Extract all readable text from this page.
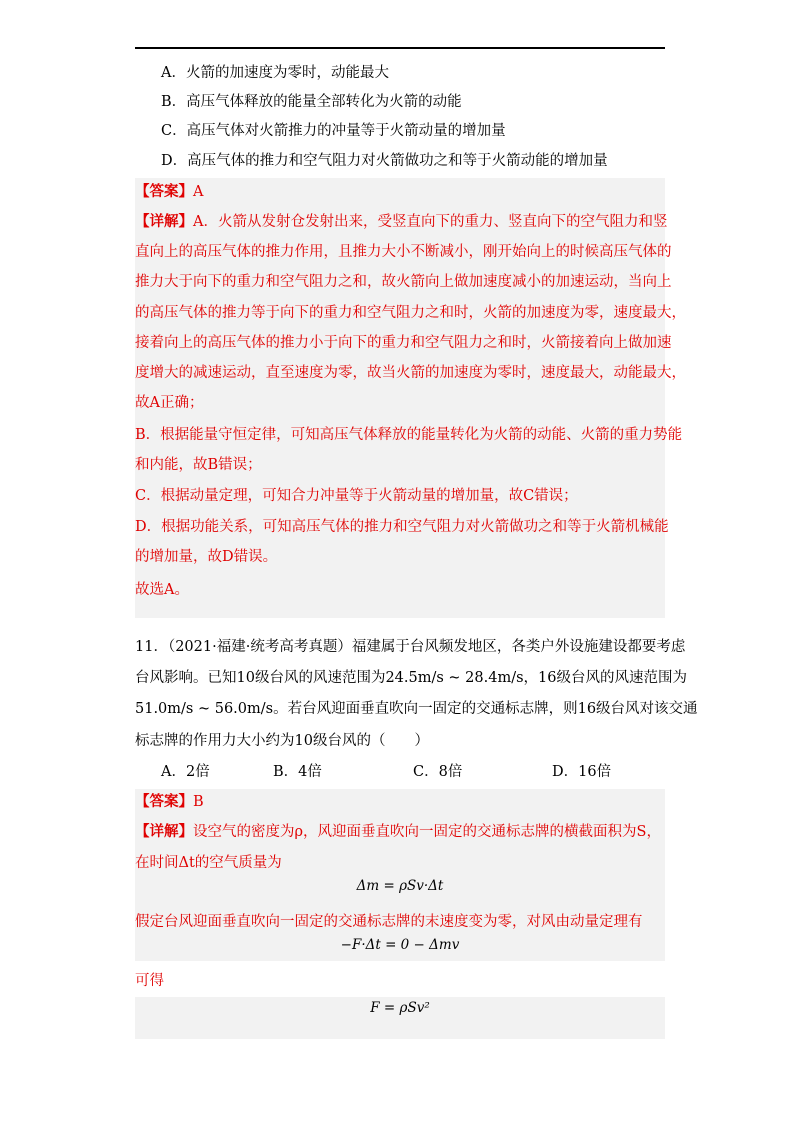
A．火箭的加速度为零时，动能最大
B．高压气体释放的能量全部转化为火箭的动能
C．高压气体对火箭推力的冲量等于火箭动量的增加量
D．高压气体的推力和空气阻力对火箭做功之和等于火箭动能的增加量
【答案】A
【详解】A．火箭从发射仓发射出来，受竖直向下的重力、竖直向下的空气阻力和竖
直向上的高压气体的推力作用，且推力大小不断减小，刚开始向上的时候高压气体的
推力大于向下的重力和空气阻力之和，故火箭向上做加速度减小的加速运动，当向上
的高压气体的推力等于向下的重力和空气阻力之和时，火箭的加速度为零，速度最大，
接着向上的高压气体的推力小于向下的重力和空气阻力之和时，火箭接着向上做加速
度增大的减速运动，直至速度为零，故当火箭的加速度为零时，速度最大，动能最大，
故A正确；
B．根据能量守恒定律，可知高压气体释放的能量转化为火箭的动能、火箭的重力势能
和内能，故B错误；
C．根据动量定理，可知合力冲量等于火箭动量的增加量，故C错误；
D．根据功能关系，可知高压气体的推力和空气阻力对火箭做功之和等于火箭机械能
的增加量，故D错误。
故选A。
11．（2021·福建·统考高考真题）福建属于台风频发地区，各类户外设施建设都要考虑
台风影响。已知10级台风的风速范围为24.5m/s ~ 28.4m/s，16级台风的风速范围为
51.0m/s ~ 56.0m/s。若台风迎面垂直吹向一固定的交通标志牌，则16级台风对该交通
标志牌的作用力大小约为10级台风的（　　）
A．2倍	B．4倍	C．8倍	D．16倍
【答案】B
【详解】设空气的密度为ρ，风迎面垂直吹向一固定的交通标志牌的横截面积为S，
在时间Δt的空气质量为
Δm = ρSv·Δt
假定台风迎面垂直吹向一固定的交通标志牌的末速度变为零，对风由动量定理有
−F·Δt = 0 − Δmv
可得
F = ρSv²
